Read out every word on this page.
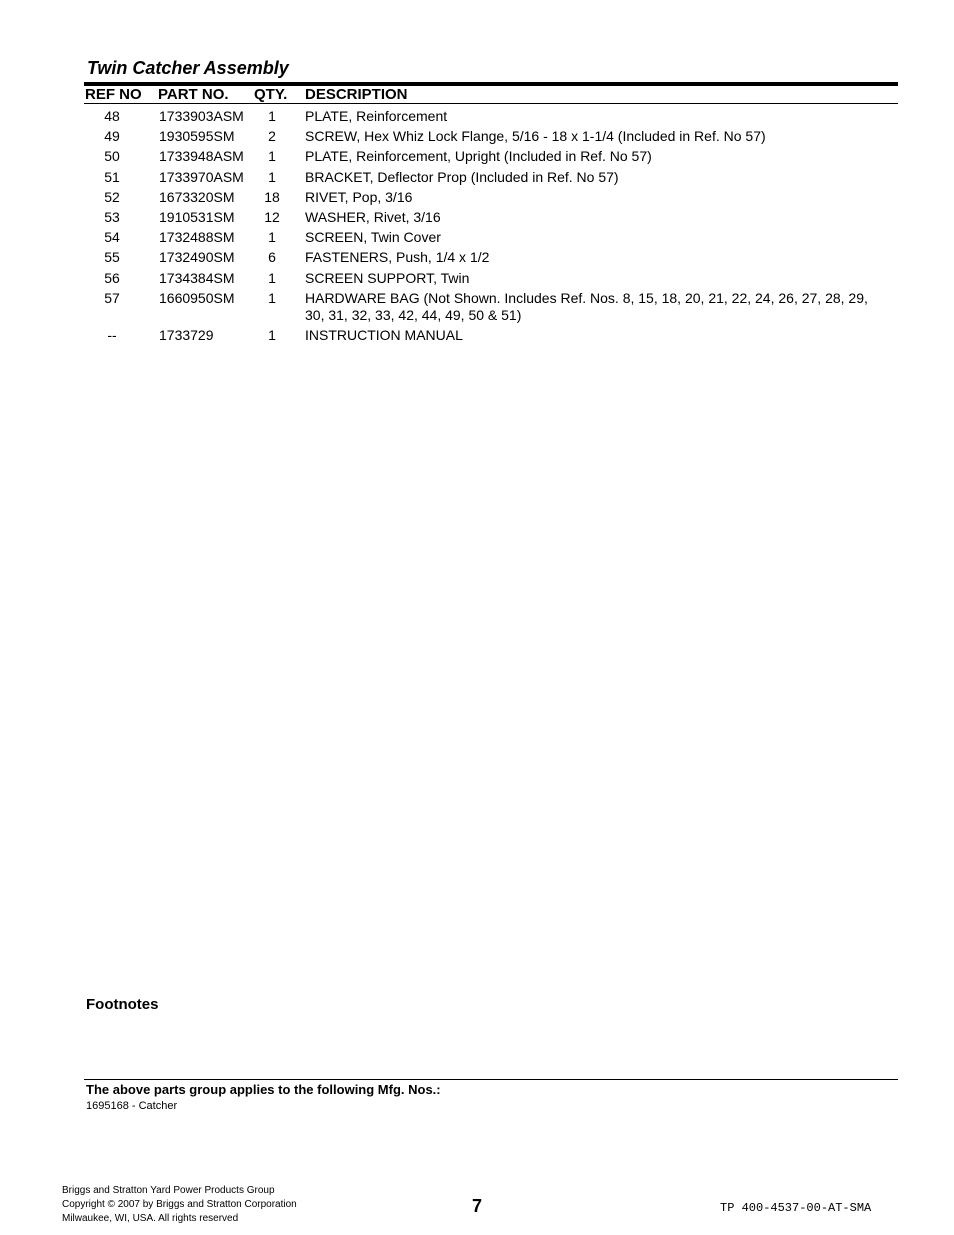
Twin Catcher Assembly
REF NO PART NO. QTY. DESCRIPTION
48	1733903ASM	1	PLATE, Reinforcement
49	1930595SM	2	SCREW, Hex Whiz Lock Flange, 5/16 - 18 x 1-1/4 (Included in Ref. No 57)
50	1733948ASM	1	PLATE, Reinforcement, Upright (Included in Ref. No 57)
51	1733970ASM	1	BRACKET, Deflector Prop (Included in Ref. No 57)
52	1673320SM	18	RIVET, Pop, 3/16
53	1910531SM	12	WASHER, Rivet, 3/16
54	1732488SM	1	SCREEN, Twin Cover
55	1732490SM	6	FASTENERS, Push, 1/4 x 1/2
56	1734384SM	1	SCREEN SUPPORT, Twin
57	1660950SM	1	HARDWARE BAG (Not Shown. Includes Ref. Nos. 8, 15, 18, 20, 21, 22, 24, 26, 27, 28, 29,
30, 31, 32, 33, 42, 44, 49, 50 & 51)
--	1733729	1	INSTRUCTION MANUAL
Footnotes
The above parts group applies to the following Mfg. Nos.:
1695168 - Catcher
Briggs and Stratton Yard Power Products Group
Copyright © 2007 by Briggs and Stratton Corporation
Milwaukee, WI, USA. All rights reserved
7	TP 400-4537-00-AT-SMA
